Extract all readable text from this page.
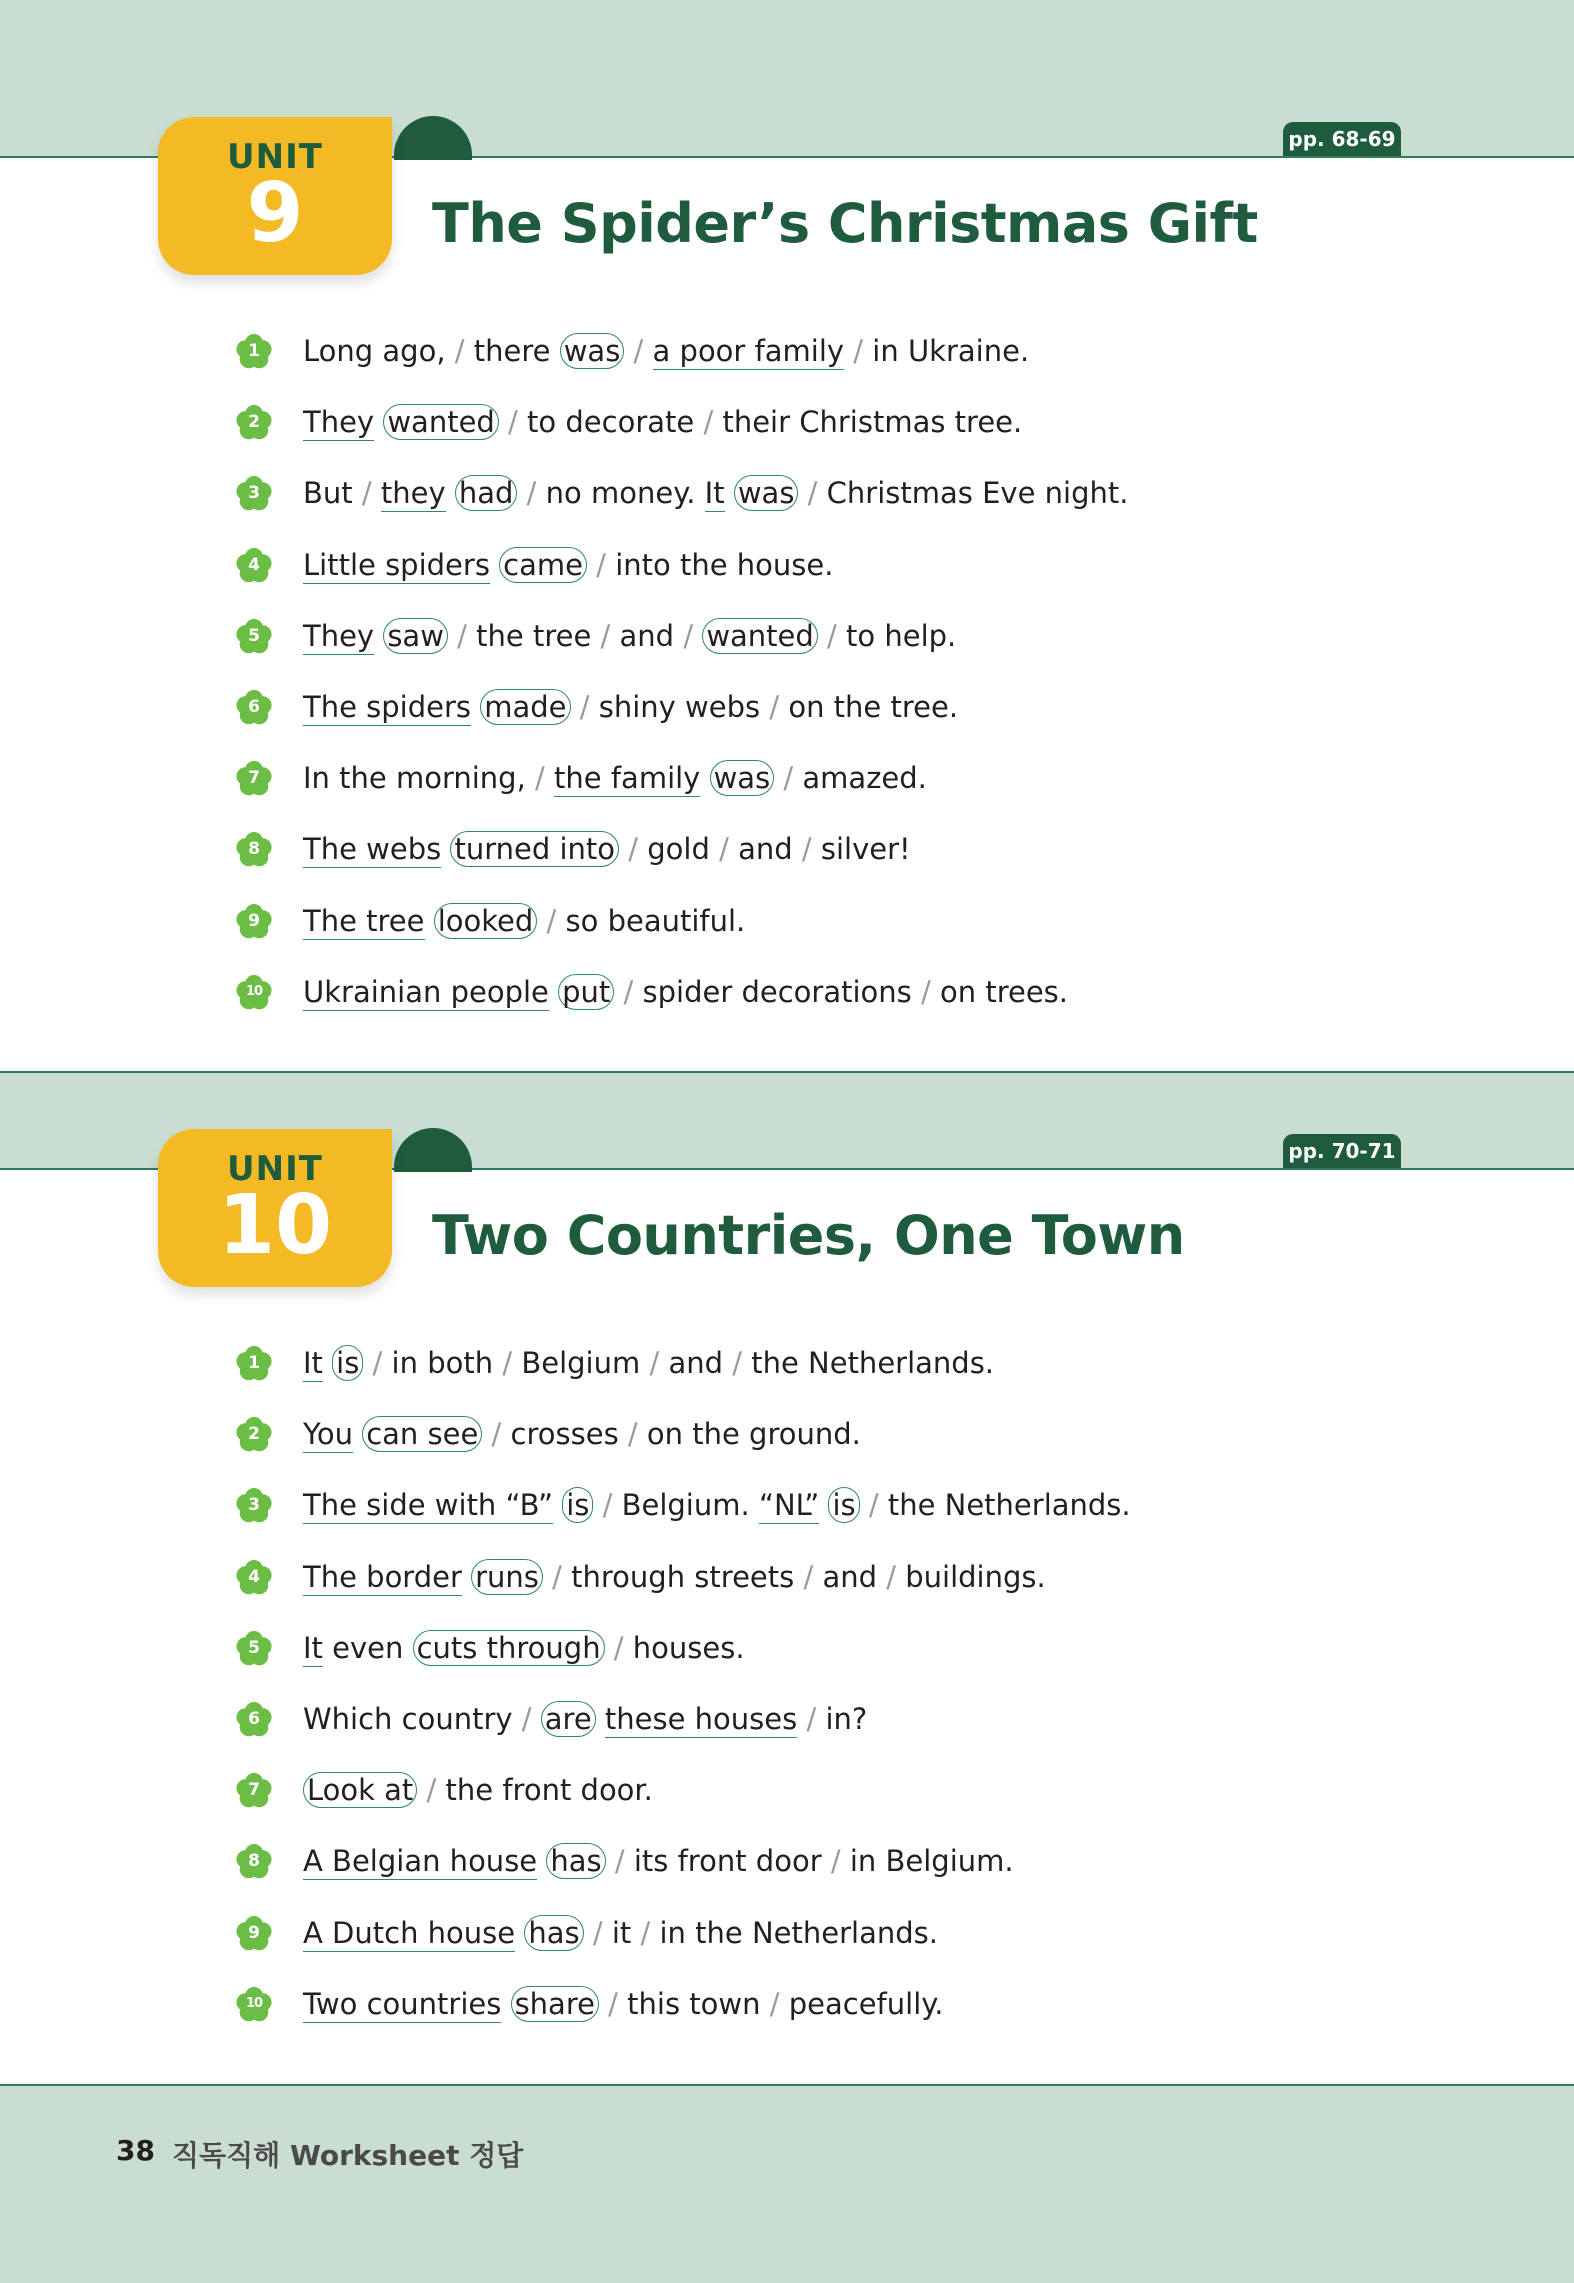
UNIT
9
pp. 68-69
The Spider’s Christmas Gift
1	Long ago, / there was / a poor family / in Ukraine.
2	They wanted / to decorate / their Christmas tree.
3	But / they had / no money. It was / Christmas Eve night.
4	Little spiders came / into the house.
5	They saw / the tree / and / wanted / to help.
6	The spiders made / shiny webs / on the tree.
7	In the morning, / the family was / amazed.
8	The webs turned into / gold / and / silver!
9	The tree looked / so beautiful.
10	Ukrainian people put / spider decorations / on trees.
UNIT
10
pp. 70-71
Two Countries, One Town
1	It is / in both / Belgium / and / the Netherlands.
2	You can see / crosses / on the ground.
3	The side with “B” is / Belgium. “NL” is / the Netherlands.
4	The border runs / through streets / and / buildings.
5	It even cuts through / houses.
6	Which country / are these houses / in?
7	Look at / the front door.
8	A Belgian house has / its front door / in Belgium.
9	A Dutch house has / it / in the Netherlands.
10	Two countries share / this town / peacefully.
38 직독직해 Worksheet 정답
